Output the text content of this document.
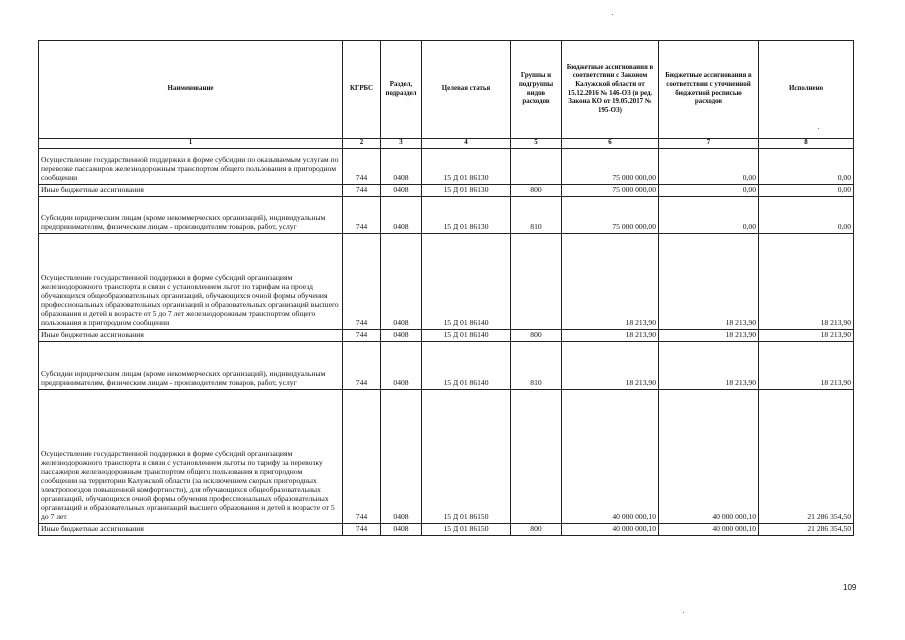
Наименование	КГРБС	Раздел, подраздел	Целевая статья	Группы и подгруппы видов расходов	Бюджетные ассигнования в соответствии с Законом Калужской области от 15.12.2016 № 146-ОЗ (в ред. Закона КО от 19.05.2017 № 195-ОЗ)	Бюджетные ассигнования в соответствии с уточненной бюджетной росписью расходов	Исполнено
1	2	3	4	5	6	7	8
Осуществление государственной поддержки в форме субсидии по оказываемым услугам по перевозке пассажиров железнодорожным транспортом общего пользования в пригородном сообщении	744	0408	15 Д 01 86130		75 000 000,00	0,00	0,00
Иные бюджетные ассигнования	744	0408	15 Д 01 86130	800	75 000 000,00	0,00	0,00
Субсидии юридическим лицам (кроме некоммерческих организаций), индивидуальным предпринимателям, физическим лицам - производителям товаров, работ, услуг	744	0408	15 Д 01 86130	810	75 000 000,00	0,00	0,00
Осуществление государственной поддержки в форме субсидий организациям железнодорожного транспорта в связи с установлением льгот по тарифам на проезд обучающихся общеобразовательных организаций, обучающихся очной формы обучения профессиональных образовательных организаций и образовательных организаций высшего образования и детей в возрасте от 5 до 7 лет железнодорожным транспортом общего пользования в пригородном сообщении	744	0408	15 Д 01 86140		18 213,90	18 213,90	18 213,90
Иные бюджетные ассигнования	744	0408	15 Д 01 86140	800	18 213,90	18 213,90	18 213,90
Субсидии юридическим лицам (кроме некоммерческих организаций), индивидуальным предпринимателям, физическим лицам - производителям товаров, работ, услуг	744	0408	15 Д 01 86140	810	18 213,90	18 213,90	18 213,90
Осуществление государственной поддержки в форме субсидий организациям железнодорожного транспорта в связи с установлением льготы по тарифу за перевозку пассажиров железнодорожным транспортом общего пользования в пригородном сообщении на территории Калужской области (за исключением скорых пригородных электропоездов повышенной комфортности), для обучающихся общеобразовательных организаций, обучающихся очной формы обучения профессиональных образовательных организаций и образовательных организаций высшего образования и детей в возрасте от 5 до 7 лет	744	0408	15 Д 01 86150		40 000 000,10	40 000 000,10	21 286 354,50
Иные бюджетные ассигнования	744	0408	15 Д 01 86150	800	40 000 000,10	40 000 000,10	21 286 354,50
109
